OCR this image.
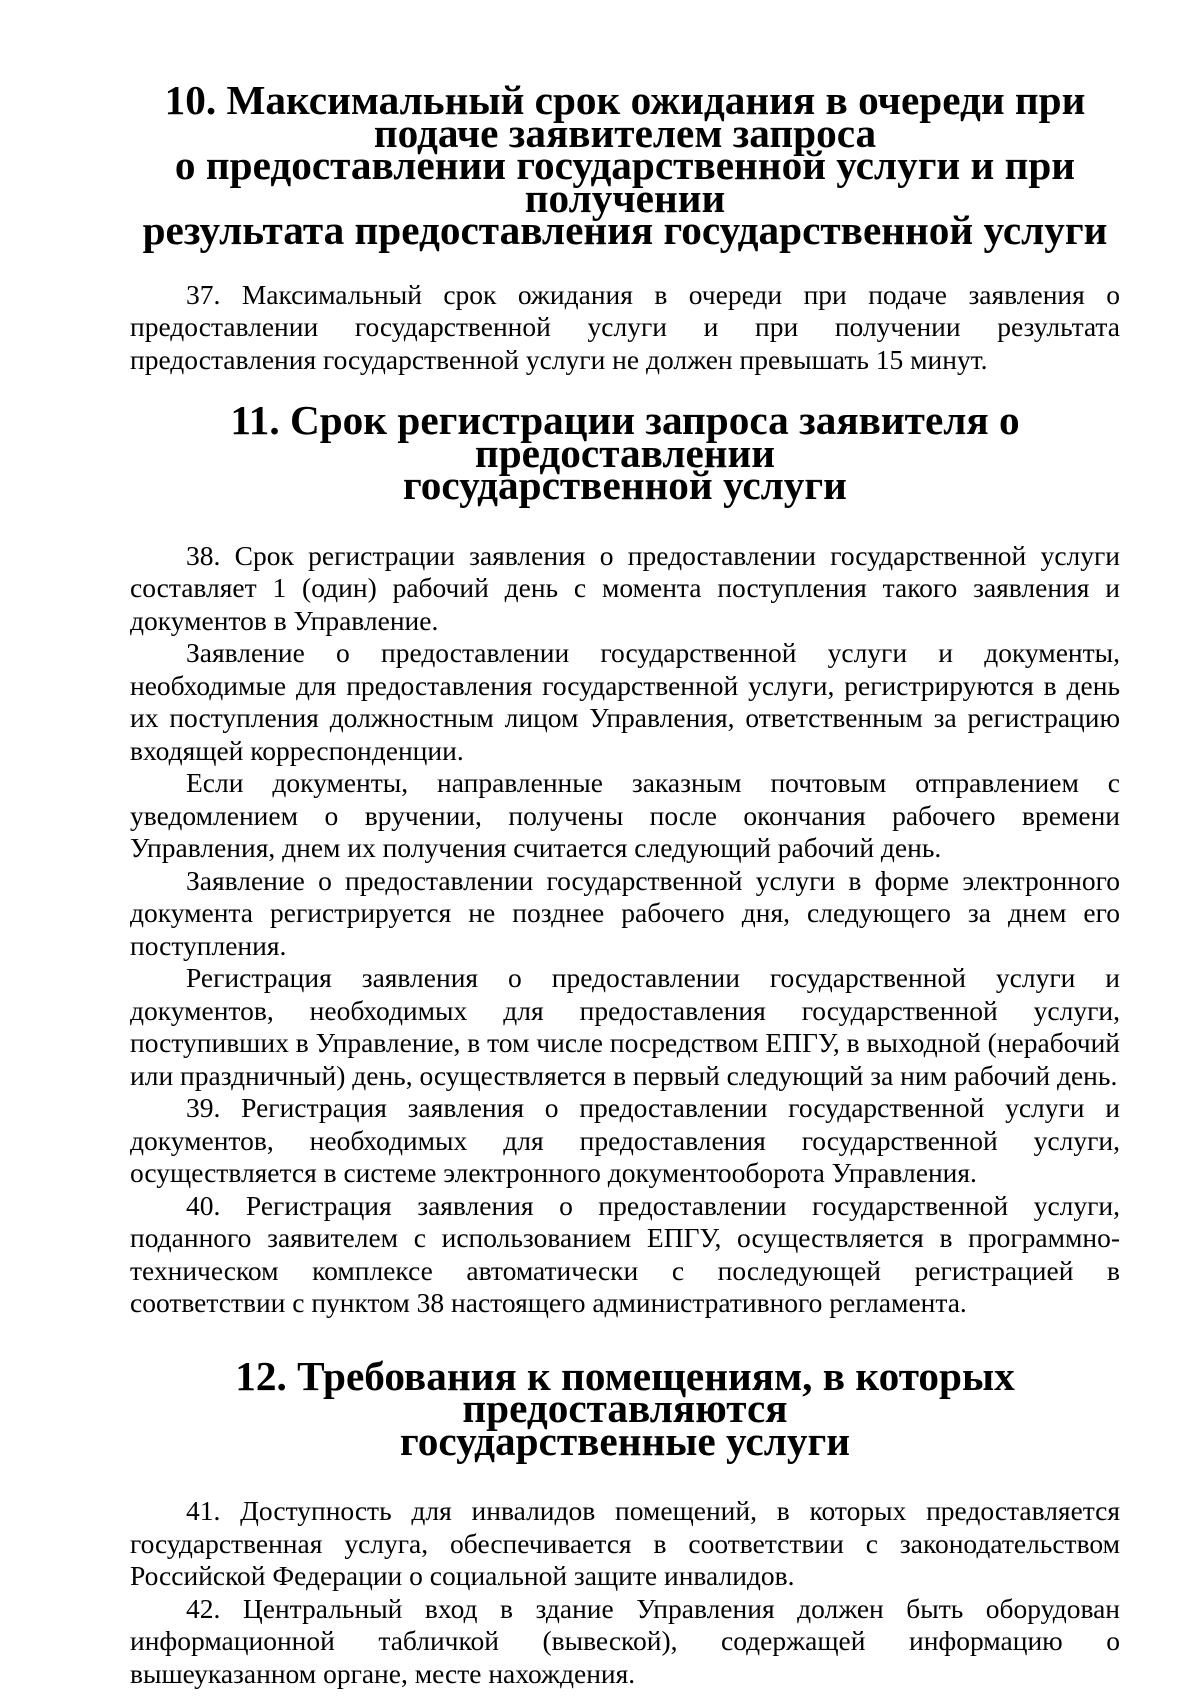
10. Максимальный срок ожидания в очереди при подаче заявителем запроса
о предоставлении государственной услуги и при получении
результата предоставления государственной услуги

37. Максимальный срок ожидания в очереди при подаче заявления о предоставлении государственной услуги и при получении результата предоставления государственной услуги не должен превышать 15 минут.

11. Срок регистрации запроса заявителя о предоставлении
государственной услуги

38. Срок регистрации заявления о предоставлении государственной услуги составляет 1 (один) рабочий день с момента поступления такого заявления и документов в Управление.

Заявление о предоставлении государственной услуги и документы, необходимые для предоставления государственной услуги, регистрируются в день их поступления должностным лицом Управления, ответственным за регистрацию входящей корреспонденции.

Если документы, направленные заказным почтовым отправлением с уведомлением о вручении, получены после окончания рабочего времени Управления, днем их получения считается следующий рабочий день.

Заявление о предоставлении государственной услуги в форме электронного документа регистрируется не позднее рабочего дня, следующего за днем его поступления.

Регистрация заявления о предоставлении государственной услуги и документов, необходимых для предоставления государственной услуги, поступивших в Управление, в том числе посредством ЕПГУ, в выходной (нерабочий или праздничный) день, осуществляется в первый следующий за ним рабочий день.

39. Регистрация заявления о предоставлении государственной услуги и документов, необходимых для предоставления государственной услуги, осуществляется в системе электронного документооборота Управления.

40. Регистрация заявления о предоставлении государственной услуги, поданного заявителем с использованием ЕПГУ, осуществляется в программно-техническом комплексе автоматически с последующей регистрацией в соответствии с пунктом 38 настоящего административного регламента.

12. Требования к помещениям, в которых предоставляются
государственные услуги

41. Доступность для инвалидов помещений, в которых предоставляется государственная услуга, обеспечивается в соответствии с законодательством Российской Федерации о социальной защите инвалидов.

42. Центральный вход в здание Управления должен быть оборудован информационной табличкой (вывеской), содержащей информацию о вышеуказанном органе, месте нахождения.
